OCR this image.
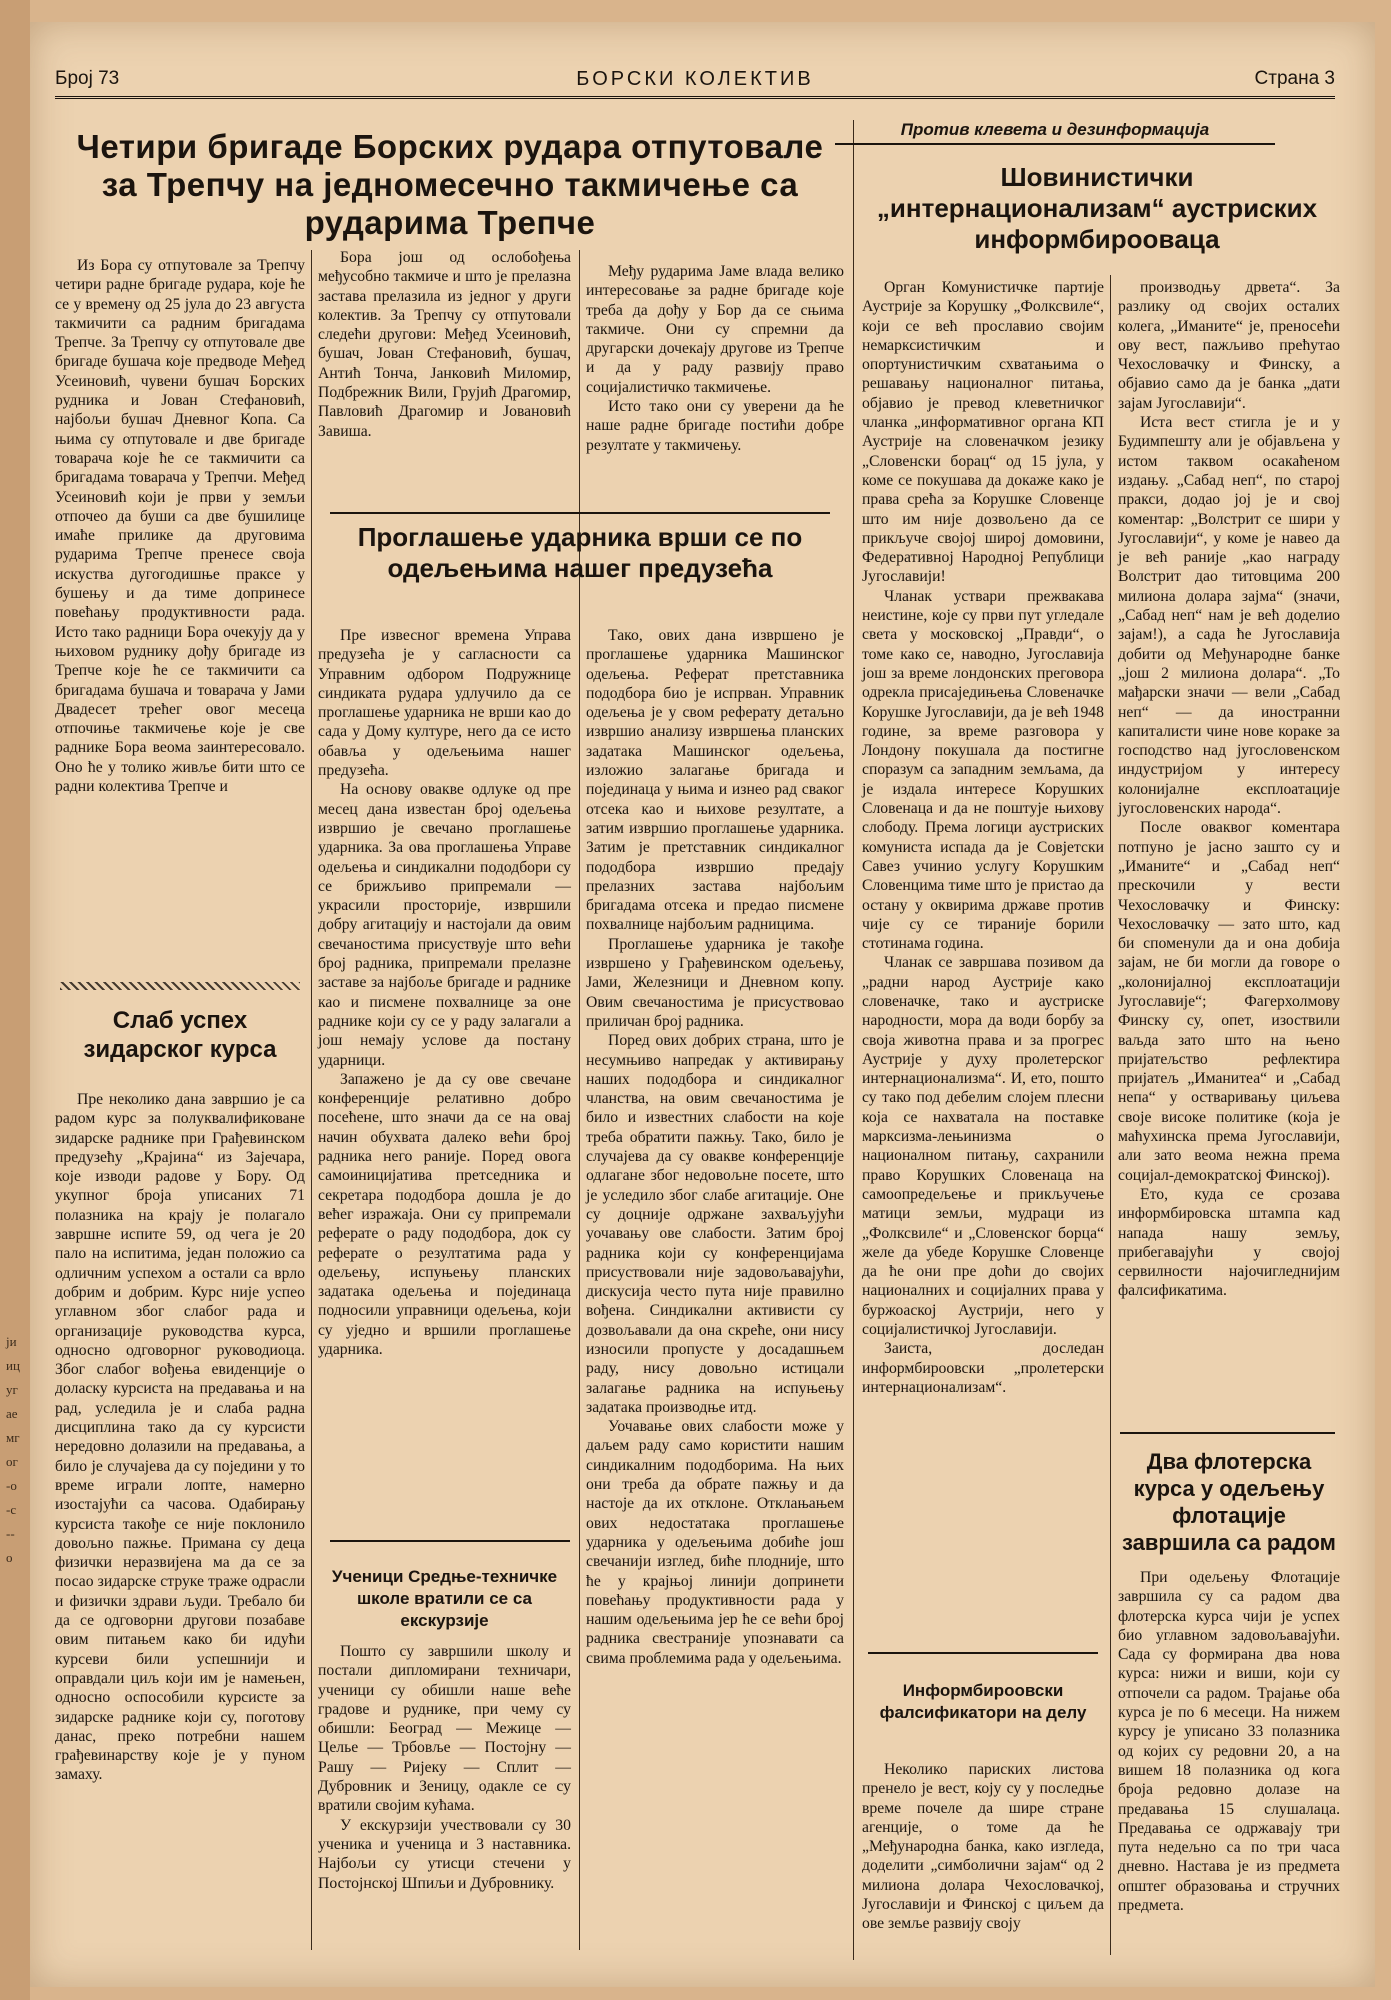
јиицугаемгог-о-с--о
Број 73	БОРСКИ КОЛЕКТИВ	Страна 3
Четири бригаде Борских рудара отпутовале за Трепчу на једномесечно такмичење са рударима Трепче

Из Бора су отпутовале за Трепчу четири радне бригаде рудара, које ће се у времену од 25 јула до 23 августа такмичити са радним бригадама Трепче. За Трепчу су отпутовале две бригаде бушача које предводе Међед Усеиновић, чувени бушач Борских рудника и Јован Стефановић, најбољи бушач Дневног Копа. Са њима су отпутовале и две бригаде товарача које ће се такмичити са бригадама товарача у Трепчи. Међед Усеиновић који је први у земљи отпочео да буши са две бушилице имаће прилике да друговима рударима Трепче пренесе своја искуства дугогодишње праксе у бушењу и да тиме допринесе повећању продуктивности рада. Исто тако радници Бора очекују да у њиховом руднику дођу бригаде из Трепче које ће се такмичити са бригадама бушача и товарача у Јами Двадесет трећег овог месеца отпочиње такмичење које је све раднике Бора веома заинтересовало. Оно ће у толико живље бити што се радни колектива Трепче и

Бора још од ослобођења међусобно такмиче и што је прелазна застава прелазила из једног у други колектив. За Трепчу су отпутовали следећи другови: Међед Усеиновић, бушач, Јован Стефановић, бушач, Антић Тонча, Јанковић Миломир, Подбрежник Вили, Грујић Драгомир, Павловић Драгомир и Јовановић Завиша.

Међу рударима Јаме влада велико интересовање за радне бригаде које треба да дођу у Бор да се сњима такмиче. Они су спремни да другарски дочекају другове из Трепче и да у раду развију право социјалистичко такмичење.

Исто тако они су уверени да ће наше радне бригаде постићи добре резултате у такмичењу.

Проглашење ударника врши се по одељењима нашег предузећа

Пре извесног времена Управа предузећа је у сагласности са Управним одбором Подружнице синдиката рудара удлучило да се проглашење ударника не врши као до сада у Дому културе, него да се исто обавља у одељењима нашег предузећа.

На основу овакве одлуке од пре месец дана известан број одељења извршио је свечано проглашење ударника. За ова проглашења Управе одељења и синдикални пододбори су се брижљиво припремали — украсили просторије, извршили добру агитацију и настојали да овим свечаностима присуствује што већи број радника, припремали прелазне заставе за најбоље бригаде и раднике као и писмене похвалнице за оне раднике који су се у раду залагали а још немају услове да постану ударници.

Запажено је да су ове свечане конференције релативно добро посећене, што значи да се на овај начин обухвата далеко већи број радника него раније. Поред овога самоиницијатива претседника и секретара пододбора дошла је до већег изражаја. Они су припремали реферате о раду пододбора, док су реферате о резултатима рада у одељењу, испуњењу планских задатака одељења и појединаца подносили управници одељења, који су уједно и вршили проглашење ударника.

Тако, ових дана извршено је проглашење ударника Машинског одељења. Реферат претставника пододбора био је испрван. Управник одељења је у свом реферату детаљно извршио анализу извршења планских задатака Машинског одељења, изложио залагање бригада и појединаца у њима и изнео рад сваког отсека као и њихове резултате, а затим извршио проглашење ударника. Затим је претставник синдикалног пододбора извршио предају прелазних застава најбољим бригадама отсека и предао писмене похвалнице најбољим радницима.

Проглашење ударника је такође извршено у Грађевинском одељењу, Јами, Железници и Дневном копу. Овим свечаностима је присуствовао приличан број радника.

Поред ових добрих страна, што је несумњиво напредак у активирању наших пододбора и синдикалног чланства, на овим свечаностима је било и известних слабости на које треба обратити пажњу. Тако, било је случајева да су овакве конференције одлагане због недовољне посете, што је уследило због слабе агитације. Оне су доцније одржане захваљујући уочавању ове слабости. Затим број радника који су конференцијама присуствовали није задовољавајући, дискусија често пута није правилно вођена. Синдикални активисти су дозвољавали да она скреће, они нису износили пропусте у досадашњем раду, нису довољно истицали залагање радника на испуњењу задатака производње итд.

Уочавање ових слабости може у даљем раду само користити нашим синдикалним пододборима. На њих они треба да обрате пажњу и да настоје да их отклоне. Отклањањем ових недостатака проглашење ударника у одељењима добиће још свечанији изглед, биће плодније, што ће у крајњој линији допринети повећању продуктивности рада у нашим одељењима јер ће се већи број радника свестраније упознавати са свима проблемима рада у одељењима.

Слаб успех зидарског курса

Пре неколико дана завршио је са радом курс за полуквалификоване зидарске раднике при Грађевинском предузећу „Крајина“ из Зајечара, које изводи радове у Бору. Од укупног броја уписаних 71 полазника на крају је полагало завршне испите 59, од чега је 20 пало на испитима, један положио са одличним успехом а остали са врло добрим и добрим. Курс није успео углавном због слабог рада и организације руководства курса, односно одговорног руководиоца. Због слабог вођења евиденције о доласку курсиста на предавања и на рад, уследила је и слаба радна дисциплина тако да су курсисти нередовно долазили на предавања, а било је случајева да су поједини у то време играли лопте, намерно изостајући са часова. Одабирању курсиста такође се није поклонило довољно пажње. Примана су деца физички неразвијена ма да се за посао зидарске струке траже одрасли и физички здрави људи. Требало би да се одговорни другови позабаве овим питањем како би идући курсеви били успешнији и оправдали циљ који им је намењен, односно оспособили курсисте за зидарске раднике који су, поготову данас, преко потребни нашем грађевинарству које је у пуном замаху.

Ученици Средње-техничке школе вратили се са екскурзије

Пошто су завршили школу и постали дипломирани техничари, ученици су обишли наше веће градове и руднике, при чему су обишли: Београд — Межице — Целье — Трбовље — Постојну — Рашу — Ријеку — Сплит — Дубровник и Зеницу, одакле се су вратили својим кућама.

У екскурзији учествовали су 30 ученика и ученица и 3 наставника. Најбољи су утисци стечени у Постојнској Шпиљи и Дубровнику.

Против клевета и дезинформација
Шовинистички „интернационализам“ аустриских информбироовaца

Орган Комунистичке партије Аустрије за Корушку „Фолксвиле“, који се већ прославио својим немарксистичким и опортунистичким схватањима о решавању националног питања, објавио је превод клеветничког чланка „информативног органа КП Аустрије на словеначком језику „Словенски борац“ од 15 јула, у коме се покушава да докаже како је права срећа за Корушке Словенце што им није дозвољено да се прикључе својој широј домовини, Федеративној Народној Републици Југославији!

Чланак уствари прежвакава неистине, које су први пут угледале света у московској „Правди“, о томе како се, наводно, Југославија још за време лондонских преговора одрекла присаједињења Словеначке Корушке Југославији, да је већ 1948 године, за време разговора у Лондону покушала да постигне споразум са западним земљама, да је издала интересе Корушких Словенаца и да не поштује њихову слободу. Према логици аустриских комуниста испада да је Совјетски Савез учинио услугу Корушким Словенцима тиме што је пристао да остану у оквирима државе против чије су се тираније борили стотинама година.

Чланак се завршава позивом да „радни народ Аустрије како словеначке, тако и аустриске народности, мора да води борбу за своја животна права и за прогрес Аустрије у духу пролетерског интернационализма“. И, ето, пошто су тако под дебелим слојем плесни која се нахватала на поставке марксизма-лењинизма о националном питању, сахранили право Корушких Словенаца на самоопредељење и прикључење матици земљи, мудраци из „Фолксвиле“ и „Словенског борца“ желе да убеде Корушке Словенце да ће они пре доћи до својих националних и социјалних права у буржоаској Аустрији, него у социјалистичкој Југославији.

Заиста, доследан информбироовски „пролетерски интернационализам“.

производњу дрвета“. За разлику од својих осталих колега, „Иманите“ је, преносећи ову вест, пажљиво прећутао Чехословачку и Финску, а објавио само да је банка „дати зајам Југославији“.

Иста вест стигла је и у Будимпешту али је објављена у истом таквом осакаћеном издању. „Сабад неп“, по старој пракси, додао јој је и свој коментар: „Волстрит се шири у Југославији“, у коме је навео да је већ раније „као награду Волстрит дао титовцима 200 милиона долара зајма“ (значи, „Сабад неп“ нам је већ доделио зајам!), а сада ће Југославија добити од Међународне банке „још 2 милиона долара“. „То мађарски значи — вели „Сабад неп“ — да иностранни капиталисти чине нове кораке за господство над југословенском индустријом у интересу колонијалне експлоатације југословенских народа“.

После оваквог коментара потпуно је јасно зашто су и „Иманите“ и „Сабад неп“ прескочили у вести Чехословачку и Финску: Чехословачку — зато што, кад би споменули да и она добија зајам, не би могли да говоре о „колонијалној експлоатацији Југославије“; Фагерхолмову Финску су, опет, изоствили ваљда зато што на њено пријатељство рефлектира пријатељ „Иманитеа“ и „Сабад непа“ у остваривању циљева своје високе политике (која је маћухинска према Југославији, али зато веома нежна према социјал-демократској Финској).

Ето, куда се срозава информбировска штампа кад напада нашу земљу, прибегавајући у својој сервилности најочигледнијим фалсификатима.

Информбироовски фалсификатори на делу

Неколико париских листова пренело је вест, коју су у последње време почеле да шире стране агенције, о томе да ће „Међународна банка, како изгледа, доделити „симболични зајам“ од 2 милиона долара Чехословачкој, Југославији и Финској с циљем да ове земље развију своју

Два флотерска курса у одељењу флотације завршила са радом

При одељењу Флотације завршила су са радом два флотерска курса чији је успех био углавном задовољавајући. Сада су формирана два нова курса: нижи и виши, који су отпочели са радом. Трајање оба курса је по 6 месеци. На нижем курсу је уписано 33 полазника од којих су редовни 20, а на вишем 18 полазника од кога броја редовно долазе на предавања 15 слушалаца. Предавања се одржавају три пута недељно са по три часа дневно. Настава је из предметa општег образовања и стручних предмета.
